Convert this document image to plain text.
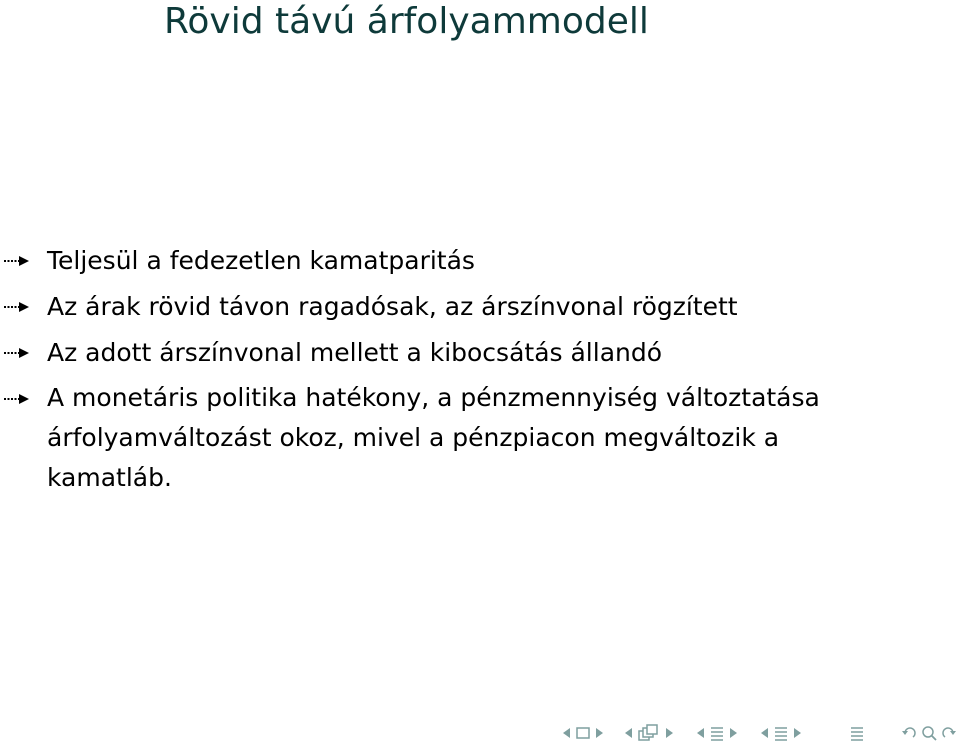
Rövid távú árfolyammodell
Teljesül a fedezetlen kamatparitás
Az árak rövid távon ragadósak, az árszínvonal rögzített
Az adott árszínvonal mellett a kibocsátás állandó
A monetáris politika hatékony, a pénzmennyiség változtatása árfolyamváltozást okoz, mivel a pénzpiacon megváltozik a kamatláb.
